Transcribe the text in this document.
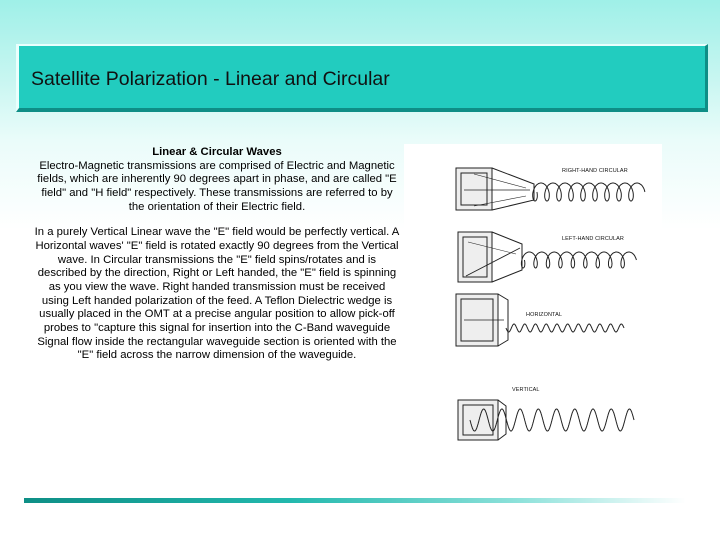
Satellite Polarization - Linear and Circular

Linear & Circular Waves

Electro-Magnetic transmissions are comprised of Electric and Magnetic fields, which are inherently 90 degrees apart in phase, and are called "E field" and "H field" respectively. These transmissions are referred to by the orientation of their Electric field.

In a purely Vertical Linear wave the "E" field would be perfectly vertical. A Horizontal waves' "E" field is rotated exactly 90 degrees from the Vertical wave. In Circular transmissions the "E" field spins/rotates and is described by the direction, Right or Left handed, the "E" field is spinning as you view the wave. Right handed transmission must be received using Left handed polarization of the feed. A Teflon Dielectric wedge is usually placed in the OMT at a precise angular position to allow pick-off probes to "capture this signal for insertion into the C-Band waveguide Signal flow inside the rectangular waveguide section is oriented with the "E" field across the narrow dimension of the waveguide.

RIGHT-HAND CIRCULAR
LEFT-HAND CIRCULAR
HORIZONTAL
VERTICAL
